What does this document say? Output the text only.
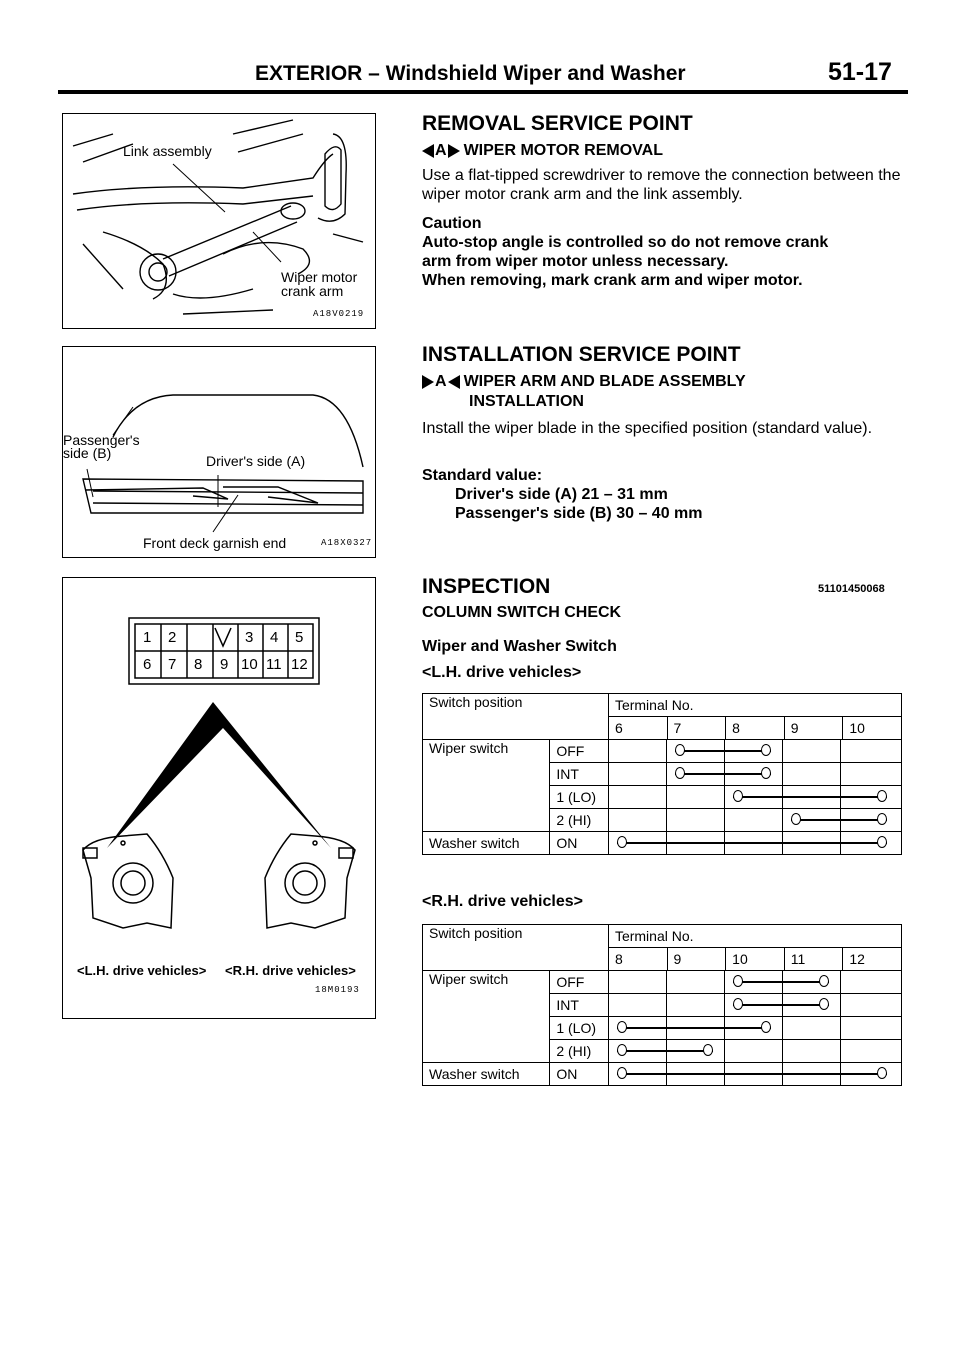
EXTERIOR – Windshield Wiper and Washer	51-17
Link assembly
Wiper motor
crank arm
A18V0219
Passenger's
side (B)	Driver's side (A)
Front deck garnish end	A18X0327
1 2	3 4 5
6 7 8 9 10 11 12
<L.H. drive vehicles> <R.H. drive vehicles>
18M0193
REMOVAL SERVICE POINT
A WIPER MOTOR REMOVAL
Use a flat-tipped screwdriver to remove the connection between the wiper motor crank arm and the link assembly.
Caution
Auto-stop angle is controlled so do not remove crank
arm from wiper motor unless necessary.
When removing, mark crank arm and wiper motor.
INSTALLATION SERVICE POINT
A WIPER ARM AND BLADE ASSEMBLY
INSTALLATION
Install the wiper blade in the specified position (standard value).
Standard value:
Driver's side (A) 21 – 31 mm
Passenger's side (B) 30 – 40 mm
INSPECTION	51101450068
COLUMN SWITCH CHECK
Wiper and Washer Switch
<L.H. drive vehicles>
Switch position		Terminal No.				
		6	7	8	9	10
Wiper switch	OFF					

	INT					

	1 (LO)					

	2 (HI)					

Washer switch	ON					
<R.H. drive vehicles>
Switch position		Terminal No.				
		8	9	10	11	12
Wiper switch	OFF					

	INT					

	1 (LO)					

	2 (HI)					

Washer switch	ON					
